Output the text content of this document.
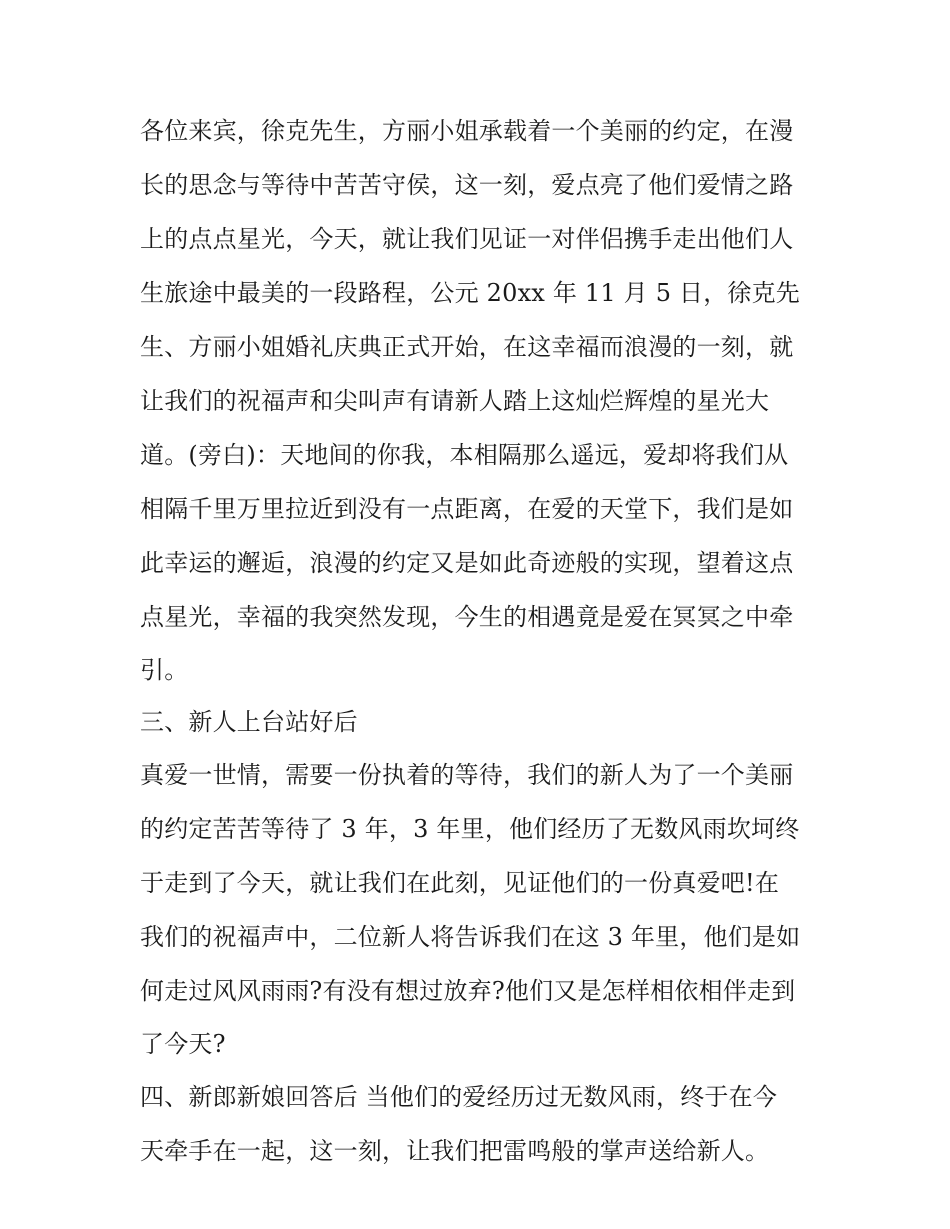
各位来宾，徐克先生，方丽小姐承载着一个美丽的约定，在漫
长的思念与等待中苦苦守侯，这一刻，爱点亮了他们爱情之路
上的点点星光，今天，就让我们见证一对伴侣携手走出他们人
生旅途中最美的一段路程，公元 20xx 年 11 月 5 日，徐克先
生、方丽小姐婚礼庆典正式开始，在这幸福而浪漫的一刻，就
让我们的祝福声和尖叫声有请新人踏上这灿烂辉煌的星光大
道。(旁白)：天地间的你我，本相隔那么遥远，爱却将我们从
相隔千里万里拉近到没有一点距离，在爱的天堂下，我们是如
此幸运的邂逅，浪漫的约定又是如此奇迹般的实现，望着这点
点星光，幸福的我突然发现，今生的相遇竟是爱在冥冥之中牵
引。
三、新人上台站好后
真爱一世情，需要一份执着的等待，我们的新人为了一个美丽
的约定苦苦等待了 3 年，3 年里，他们经历了无数风雨坎坷终
于走到了今天，就让我们在此刻，见证他们的一份真爱吧!在
我们的祝福声中，二位新人将告诉我们在这 3 年里，他们是如
何走过风风雨雨?有没有想过放弃?他们又是怎样相依相伴走到
了今天?
四、新郎新娘回答后 当他们的爱经历过无数风雨，终于在今
天牵手在一起，这一刻，让我们把雷鸣般的掌声送给新人。
